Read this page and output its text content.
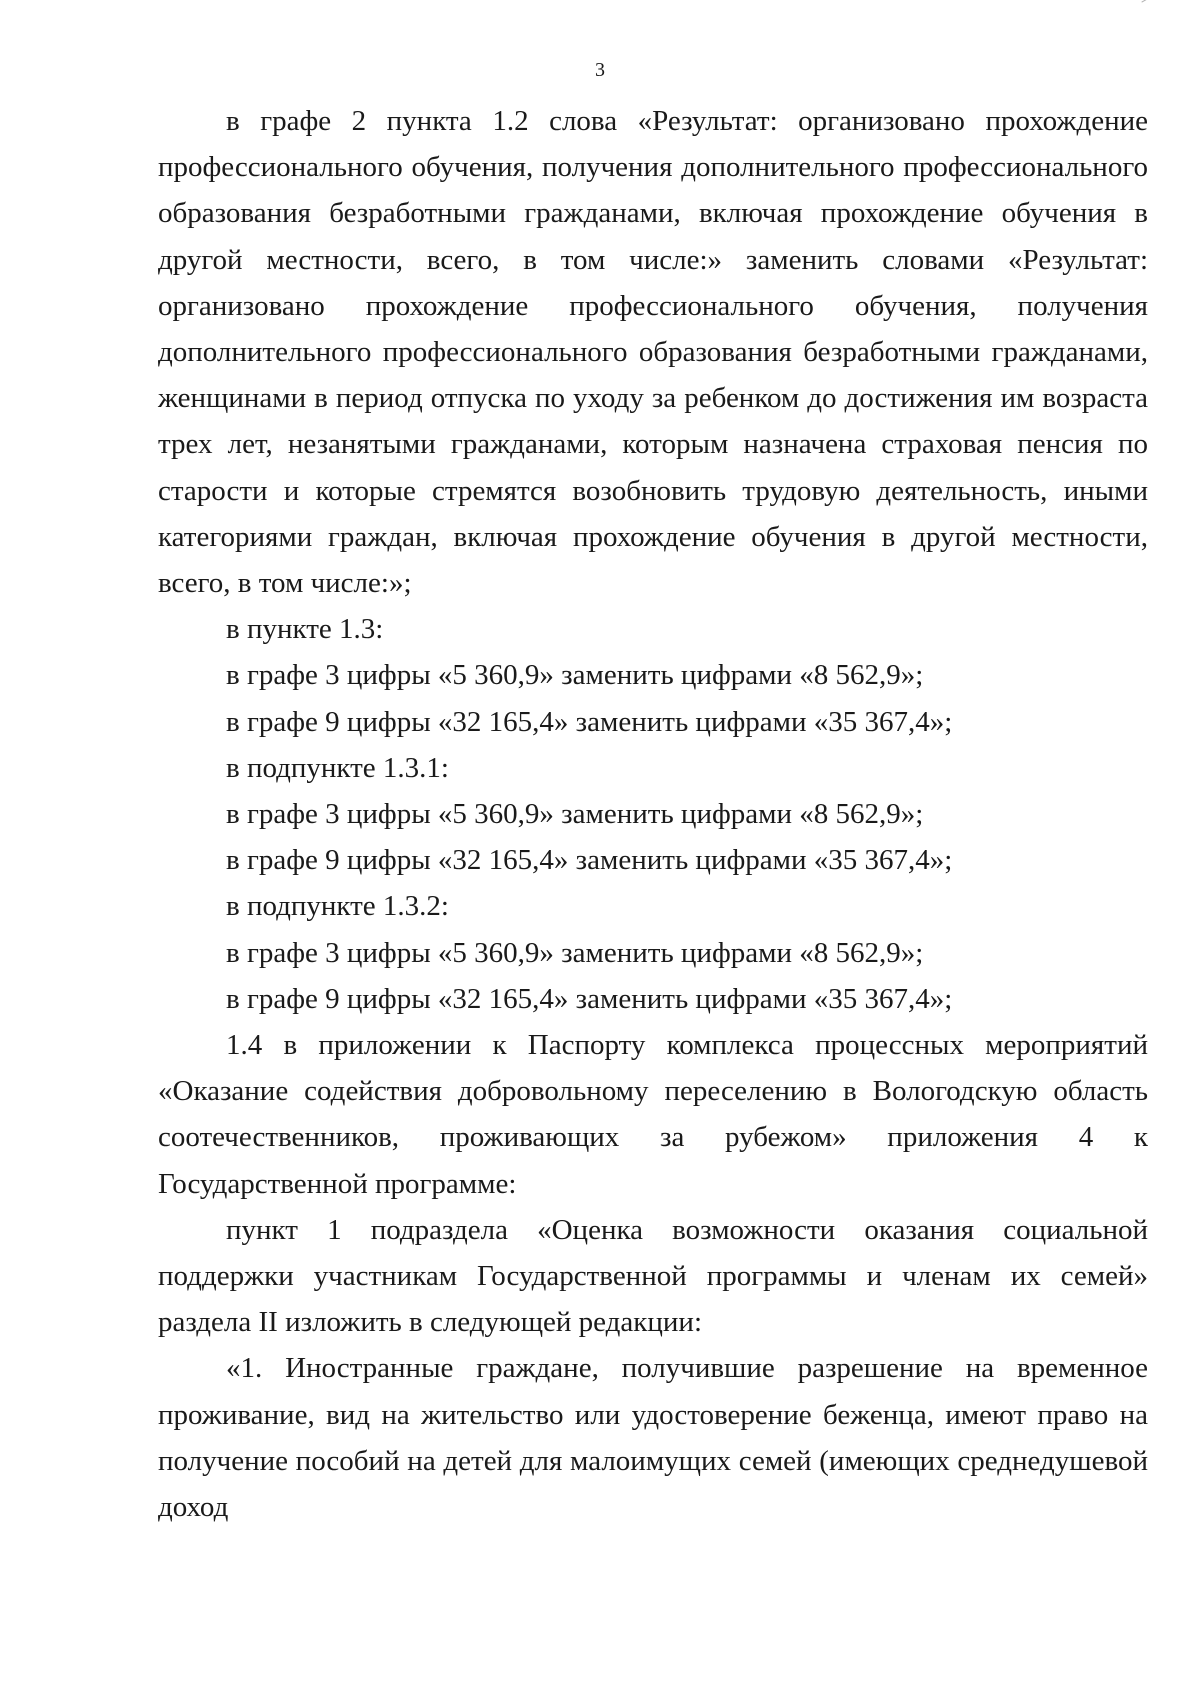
3

в графе 2 пункта 1.2 слова «Результат: организовано прохождение профессионального обучения, получения дополнительного профессионального образования безработными гражданами, включая прохождение обучения в другой местности, всего, в том числе:» заменить словами «Результат: организовано прохождение профессионального обучения, получения дополнительного профессионального образования безработными гражданами, женщинами в период отпуска по уходу за ребенком до достижения им возраста трех лет, незанятыми гражданами, которым назначена страховая пенсия по старости и которые стремятся возобновить трудовую деятельность, иными категориями граждан, включая прохождение обучения в другой местности, всего, в том числе:»;

в пункте 1.3:

в графе 3 цифры «5 360,9» заменить цифрами «8 562,9»;

в графе 9 цифры «32 165,4» заменить цифрами «35 367,4»;

в подпункте 1.3.1:

в графе 3 цифры «5 360,9» заменить цифрами «8 562,9»;

в графе 9 цифры «32 165,4» заменить цифрами «35 367,4»;

в подпункте 1.3.2:

в графе 3 цифры «5 360,9» заменить цифрами «8 562,9»;

в графе 9 цифры «32 165,4» заменить цифрами «35 367,4»;

1.4 в приложении к Паспорту комплекса процессных мероприятий «Оказание содействия добровольному переселению в Вологодскую область соотечественников, проживающих за рубежом» приложения 4 к Государственной программе:

пункт 1 подраздела «Оценка возможности оказания социальной поддержки участникам Государственной программы и членам их семей» раздела II изложить в следующей редакции:

«1. Иностранные граждане, получившие разрешение на временное проживание, вид на жительство или удостоверение беженца, имеют право на получение пособий на детей для малоимущих семей (имеющих среднедушевой доход
